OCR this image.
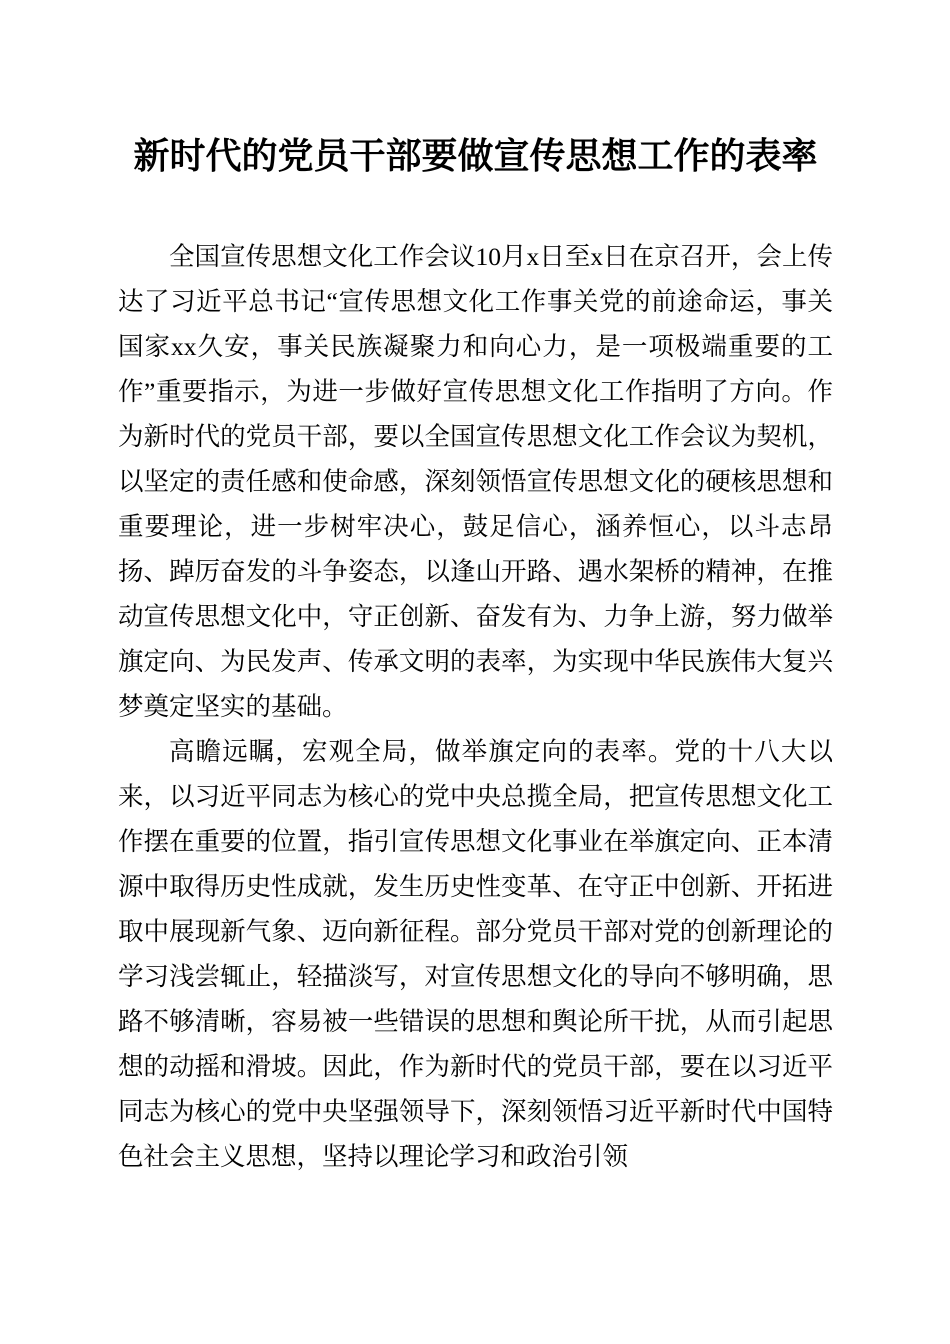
新时代的党员干部要做宣传思想工作的表率

全国宣传思想文化工作会议10月x日至x日在京召开，会上传达了习近平总书记“宣传思想文化工作事关党的前途命运，事关国家xx久安，事关民族凝聚力和向心力，是一项极端重要的工作”重要指示，为进一步做好宣传思想文化工作指明了方向。作为新时代的党员干部，要以全国宣传思想文化工作会议为契机，以坚定的责任感和使命感，深刻领悟宣传思想文化的硬核思想和重要理论，进一步树牢决心，鼓足信心，涵养恒心，以斗志昂扬、踔厉奋发的斗争姿态，以逢山开路、遇水架桥的精神，在推动宣传思想文化中，守正创新、奋发有为、力争上游，努力做举旗定向、为民发声、传承文明的表率，为实现中华民族伟大复兴梦奠定坚实的基础。

高瞻远瞩，宏观全局，做举旗定向的表率。党的十八大以来，以习近平同志为核心的党中央总揽全局，把宣传思想文化工作摆在重要的位置，指引宣传思想文化事业在举旗定向、正本清源中取得历史性成就，发生历史性变革、在守正中创新、开拓进取中展现新气象、迈向新征程。部分党员干部对党的创新理论的学习浅尝辄止，轻描淡写，对宣传思想文化的导向不够明确，思路不够清晰，容易被一些错误的思想和舆论所干扰，从而引起思想的动摇和滑坡。因此，作为新时代的党员干部，要在以习近平同志为核心的党中央坚强领导下，深刻领悟习近平新时代中国特色社会主义思想，坚持以理论学习和政治引领
